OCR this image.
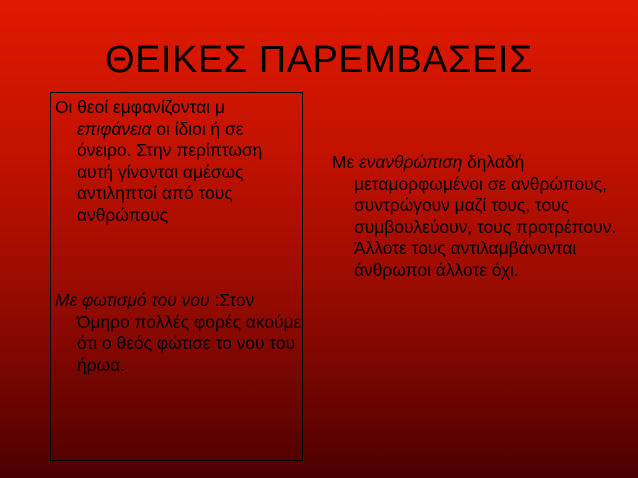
ΘΕΙΚΕΣ ΠΑΡΕΜΒΑΣΕΙΣ

Οι θεοί εμφανίζονται μ επιφάνεια οι ίδιοι ή σε όνειρο. Στην περίπτωση αυτή γίνονται αμέσως αντιληπτοί από τους ανθρώπους

Με φωτισμό του νου :Στον Όμηρο πολλές φορές ακούμε ότι ο θεός φώτισε το νου του ήρωα.

Με ενανθρώπιση δηλαδή μεταμορφωμένοι σε ανθρώπους, συντρώγουν μαζί τους, τους συμβουλεύουν, τους προτρέπουν. Άλλοτε τους αντιλαμβάνονται άνθρωποι άλλοτε όχι.
